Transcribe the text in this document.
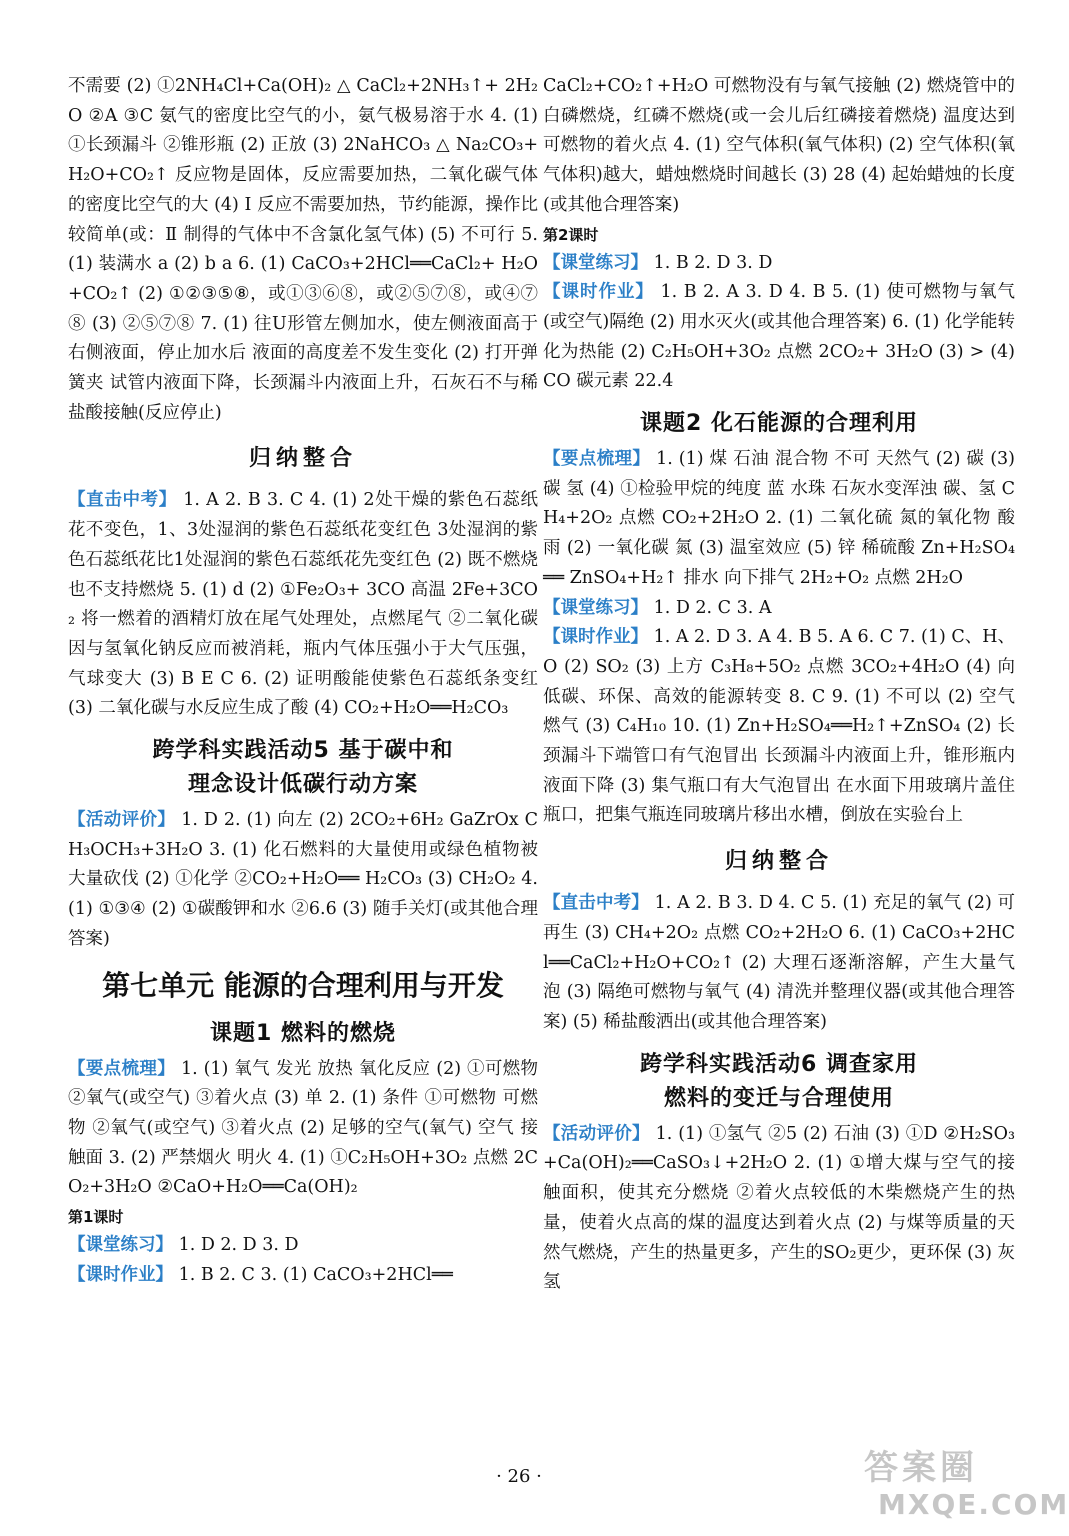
不需要 (2) ①2NH₄Cl+Ca(OH)₂ △ CaCl₂+2NH₃↑+ 2H₂O ②A ③C 氨气的密度比空气的小，氨气极易溶于水 4. (1) ①长颈漏斗 ②锥形瓶 (2) 正放 (3) 2NaHCO₃ △ Na₂CO₃+H₂O+CO₂↑ 反应物是固体，反应需要加热，二氧化碳气体的密度比空气的大 (4) Ⅰ 反应不需要加热，节约能源，操作比较简单(或：Ⅱ 制得的气体中不含氯化氢气体) (5) 不可行 5. (1) 装满水 a (2) b a 6. (1) CaCO₃+2HCl══CaCl₂+ H₂O+CO₂↑ (2) ①②③⑤⑧，或①③⑥⑧，或②⑤⑦⑧，或④⑦⑧ (3) ②⑤⑦⑧ 7. (1) 往U形管左侧加水，使左侧液面高于右侧液面，停止加水后 液面的高度差不发生变化 (2) 打开弹簧夹 试管内液面下降，长颈漏斗内液面上升，石灰石不与稀盐酸接触(反应停止)

归纳整合

【直击中考】 1. A 2. B 3. C 4. (1) 2处干燥的紫色石蕊纸花不变色，1、3处湿润的紫色石蕊纸花变红色 3处湿润的紫色石蕊纸花比1处湿润的紫色石蕊纸花先变红色 (2) 既不燃烧也不支持燃烧 5. (1) d (2) ①Fe₂O₃+ 3CO 高温 2Fe+3CO₂ 将一燃着的酒精灯放在尾气处理处，点燃尾气 ②二氧化碳因与氢氧化钠反应而被消耗，瓶内气体压强小于大气压强，气球变大 (3) B E C 6. (2) 证明酸能使紫色石蕊纸条变红 (3) 二氧化碳与水反应生成了酸 (4) CO₂+H₂O══H₂CO₃

跨学科实践活动5 基于碳中和
理念设计低碳行动方案

【活动评价】 1. D 2. (1) 向左 (2) 2CO₂+6H₂ GaZrOx CH₃OCH₃+3H₂O 3. (1) 化石燃料的大量使用或绿色植物被大量砍伐 (2) ①化学 ②CO₂+H₂O══ H₂CO₃ (3) CH₂O₂ 4. (1) ①③④ (2) ①碳酸钾和水 ②6.6 (3) 随手关灯(或其他合理答案)

第七单元 能源的合理利用与开发
课题1 燃料的燃烧

【要点梳理】 1. (1) 氧气 发光 放热 氧化反应 (2) ①可燃物 ②氧气(或空气) ③着火点 (3) 单 2. (1) 条件 ①可燃物 可燃物 ②氧气(或空气) ③着火点 (2) 足够的空气(氧气) 空气 接触面 3. (2) 严禁烟火 明火 4. (1) ①C₂H₅OH+3O₂ 点燃 2CO₂+3H₂O ②CaO+H₂O══Ca(OH)₂

第1课时

【课堂练习】 1. D 2. D 3. D

【课时作业】 1. B 2. C 3. (1) CaCO₃+2HCl══

CaCl₂+CO₂↑+H₂O 可燃物没有与氧气接触 (2) 燃烧管中的白磷燃烧，红磷不燃烧(或一会儿后红磷接着燃烧) 温度达到可燃物的着火点 4. (1) 空气体积(氧气体积) (2) 空气体积(氧气体积)越大，蜡烛燃烧时间越长 (3) 28 (4) 起始蜡烛的长度(或其他合理答案)

第2课时

【课堂练习】 1. B 2. D 3. D

【课时作业】 1. B 2. A 3. D 4. B 5. (1) 使可燃物与氧气(或空气)隔绝 (2) 用水灭火(或其他合理答案) 6. (1) 化学能转化为热能 (2) C₂H₅OH+3O₂ 点燃 2CO₂+ 3H₂O (3) > (4) CO 碳元素 22.4

课题2 化石能源的合理利用

【要点梳理】 1. (1) 煤 石油 混合物 不可 天然气 (2) 碳 (3) 碳 氢 (4) ①检验甲烷的纯度 蓝 水珠 石灰水变浑浊 碳、氢 CH₄+2O₂ 点燃 CO₂+2H₂O 2. (1) 二氧化硫 氮的氧化物 酸雨 (2) 一氧化碳 氮 (3) 温室效应 (5) 锌 稀硫酸 Zn+H₂SO₄══ ZnSO₄+H₂↑ 排水 向下排气 2H₂+O₂ 点燃 2H₂O

【课堂练习】 1. D 2. C 3. A

【课时作业】 1. A 2. D 3. A 4. B 5. A 6. C 7. (1) C、H、O (2) SO₂ (3) 上方 C₃H₈+5O₂ 点燃 3CO₂+4H₂O (4) 向低碳、环保、高效的能源转变 8. C 9. (1) 不可以 (2) 空气 燃气 (3) C₄H₁₀ 10. (1) Zn+H₂SO₄══H₂↑+ZnSO₄ (2) 长颈漏斗下端管口有气泡冒出 长颈漏斗内液面上升，锥形瓶内液面下降 (3) 集气瓶口有大气泡冒出 在水面下用玻璃片盖住瓶口，把集气瓶连同玻璃片移出水槽，倒放在实验台上

归纳整合

【直击中考】 1. A 2. B 3. D 4. C 5. (1) 充足的氧气 (2) 可再生 (3) CH₄+2O₂ 点燃 CO₂+2H₂O 6. (1) CaCO₃+2HCl══CaCl₂+H₂O+CO₂↑ (2) 大理石逐渐溶解，产生大量气泡 (3) 隔绝可燃物与氧气 (4) 清洗并整理仪器(或其他合理答案) (5) 稀盐酸洒出(或其他合理答案)

跨学科实践活动6 调查家用
燃料的变迁与合理使用

【活动评价】 1. (1) ①氢气 ②5 (2) 石油 (3) ①D ②H₂SO₃+Ca(OH)₂══CaSO₃↓+2H₂O 2. (1) ①增大煤与空气的接触面积，使其充分燃烧 ②着火点较低的木柴燃烧产生的热量，使着火点高的煤的温度达到着火点 (2) 与煤等质量的天然气燃烧，产生的热量更多，产生的SO₂更少，更环保 (3) 灰氢

· 26 ·	答案圈
MXQE.COM
